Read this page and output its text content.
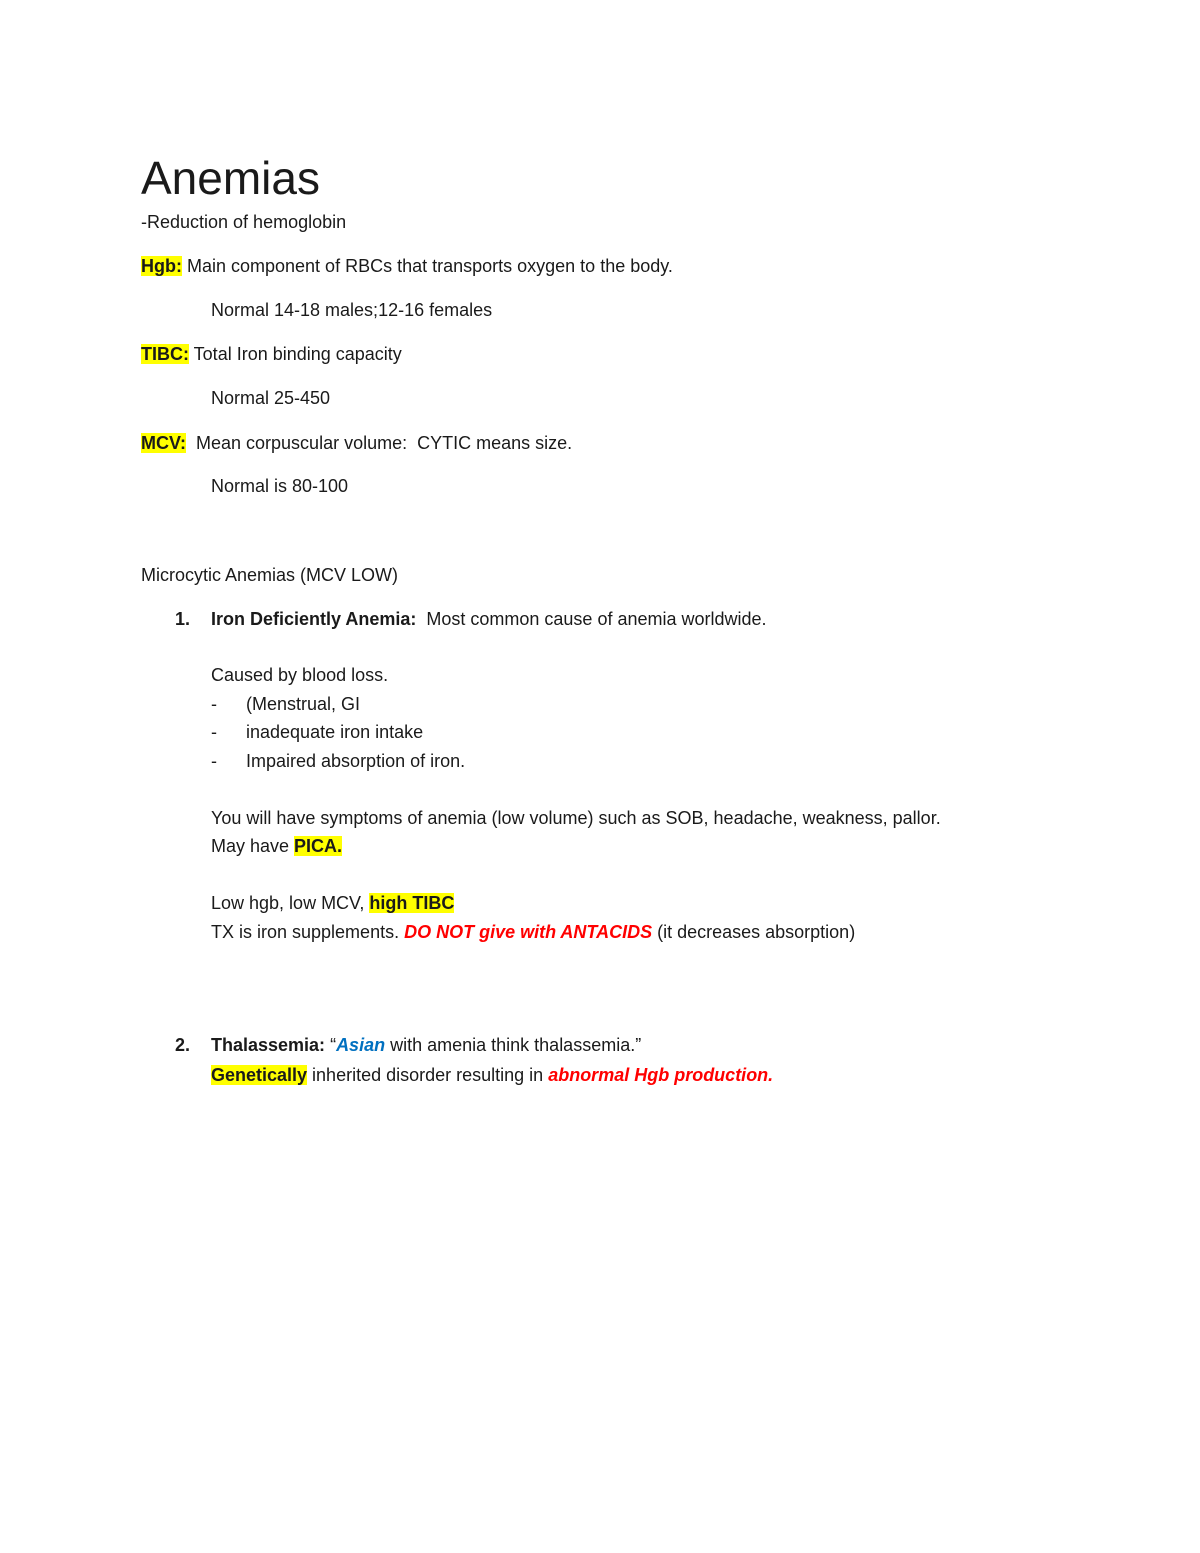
Anemias
-Reduction of hemoglobin
Hgb: Main component of RBCs that transports oxygen to the body.
Normal 14-18 males;12-16 females
TIBC: Total Iron binding capacity
Normal 25-450
MCV:  Mean corpuscular volume:  CYTIC means size.
Normal is 80-100
Microcytic Anemias (MCV LOW)
1. Iron Deficiently Anemia:  Most common cause of anemia worldwide.
Caused by blood loss.
- (Menstrual, GI
- inadequate iron intake
- Impaired absorption of iron.
You will have symptoms of anemia (low volume) such as SOB, headache, weakness, pallor.
May have PICA.
Low hgb, low MCV, high TIBC
TX is iron supplements. DO NOT give with ANTACIDS (it decreases absorption)
2. Thalassemia: “Asian with amenia think thalassemia.”
Genetically inherited disorder resulting in abnormal Hgb production.
